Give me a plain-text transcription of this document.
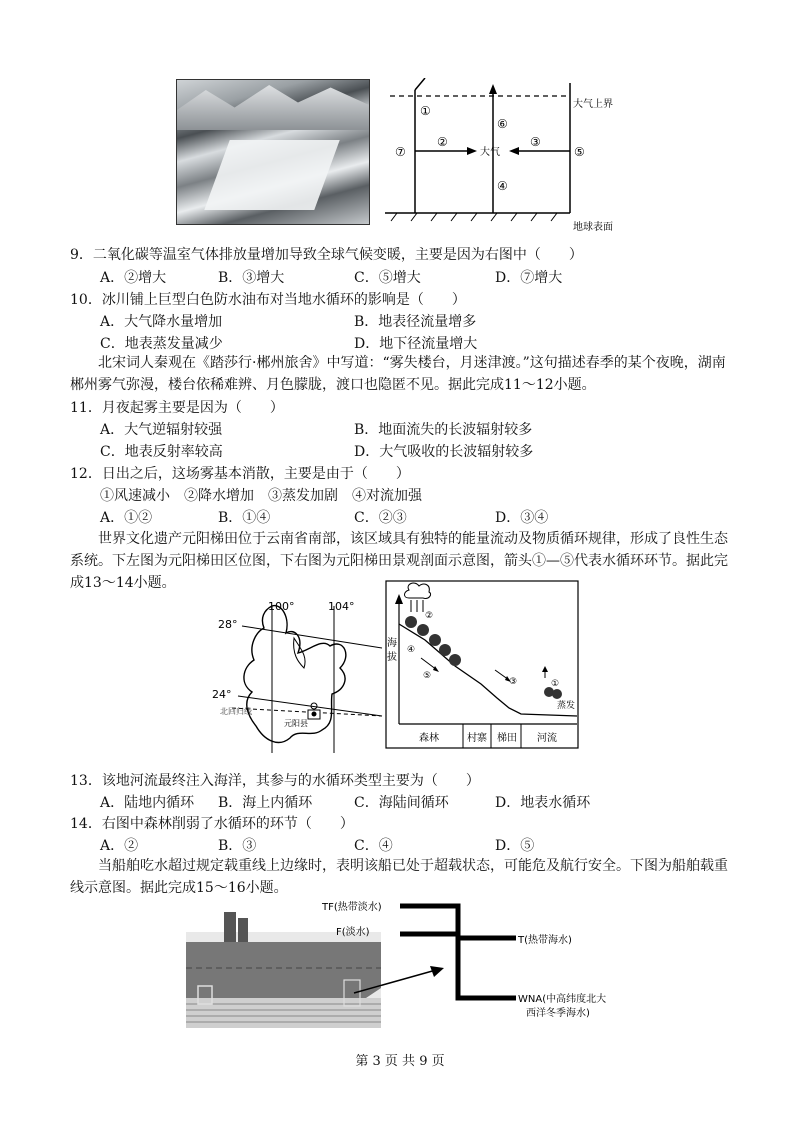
大气上界
地球表面
大气
①
②	③
④
⑤
⑥
⑦
9．二氧化碳等温室气体排放量增加导致全球气候变暖，主要是因为右图中（　　）
A．②增大	B．③增大	C．⑤增大	D．⑦增大
10．冰川铺上巨型白色防水油布对当地水循环的影响是（　　）
A．大气降水量增加	B．地表径流量增多
C．地表蒸发量减少	D．地下径流量增大
北宋词人秦观在《踏莎行·郴州旅舍》中写道：“雾失楼台，月迷津渡。”这句描述春季的某个夜晚，湖南郴州雾气弥漫，楼台依稀难辨、月色朦胧，渡口也隐匿不见。据此完成11～12小题。
11．月夜起雾主要是因为（　　）
A．大气逆辐射较强	B．地面流失的长波辐射较多
C．地表反射率较高	D．大气吸收的长波辐射较多
12．日出之后，这场雾基本消散，主要是由于（　　）
①风速减小　②降水增加　③蒸发加剧　④对流加强
A．①②	B．①④	C．②③	D．③④
世界文化遗产元阳梯田位于云南省南部，该区域具有独特的能量流动及物质循环规律，形成了良性生态系统。下左图为元阳梯田区位图，下右图为元阳梯田景观剖面示意图，箭头①—⑤代表水循环环节。据此完成13～14小题。
100°	104°
28°
24°
北回归线
元阳县
海
拔
森林	村寨 梯田 河流
②
④
⑤
③	①
蒸发
13．该地河流最终注入海洋，其参与的水循环类型主要为（　　）
A．陆地内循环 B．海上内循环	C．海陆间循环	D．地表水循环
14．右图中森林削弱了水循环的环节（　　）
A．②	B．③	C．④	D．⑤
当船舶吃水超过规定载重线上边缘时，表明该船已处于超载状态，可能危及航行安全。下图为船舶载重线示意图。据此完成15～16小题。
TF(热带淡水)
F(淡水)
T(热带海水)
WNA(中高纬度北大
西洋冬季海水)
第 3 页 共 9 页
